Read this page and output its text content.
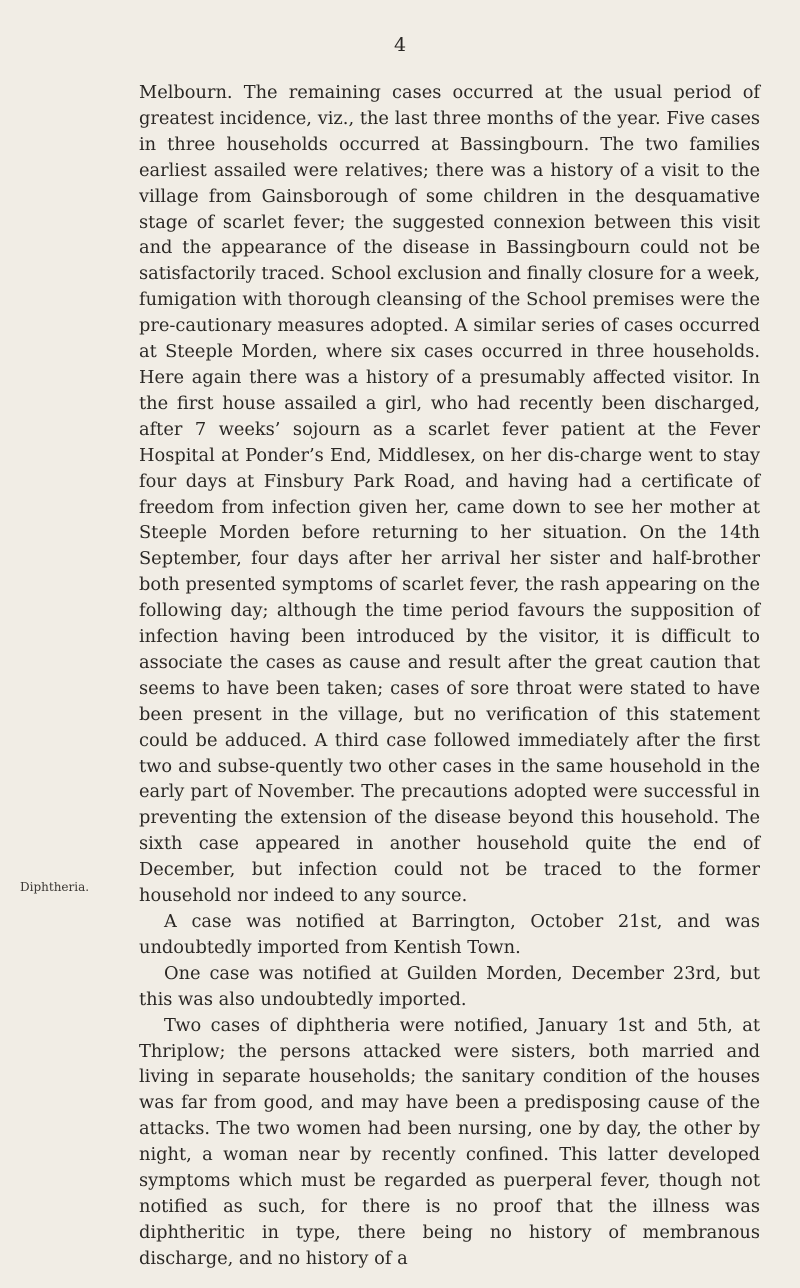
4
Diphtheria.

Melbourn. The remaining cases occurred at the usual period of greatest incidence, viz., the last three months of the year. Five cases in three households occurred at Bassingbourn. The two families earliest assailed were relatives; there was a history of a visit to the village from Gainsborough of some children in the desquamative stage of scarlet fever; the suggested connexion between this visit and the appearance of the disease in Bassingbourn could not be satisfactorily traced. School exclusion and finally closure for a week, fumigation with thorough cleansing of the School premises were the pre-cautionary measures adopted. A similar series of cases occurred at Steeple Morden, where six cases occurred in three households. Here again there was a history of a presumably affected visitor. In the first house assailed a girl, who had recently been discharged, after 7 weeks’ sojourn as a scarlet fever patient at the Fever Hospital at Ponder’s End, Middlesex, on her dis-charge went to stay four days at Finsbury Park Road, and having had a certificate of freedom from infection given her, came down to see her mother at Steeple Morden before returning to her situation. On the 14th September, four days after her arrival her sister and half-brother both presented symptoms of scarlet fever, the rash appearing on the following day; although the time period favours the supposition of infection having been introduced by the visitor, it is difficult to associate the cases as cause and result after the great caution that seems to have been taken; cases of sore throat were stated to have been present in the village, but no verification of this statement could be adduced. A third case followed immediately after the first two and subse-quently two other cases in the same household in the early part of November. The precautions adopted were successful in preventing the extension of the disease beyond this household. The sixth case appeared in another household quite the end of December, but infection could not be traced to the former household nor indeed to any source.

A case was notified at Barrington, October 21st, and was undoubtedly imported from Kentish Town.

One case was notified at Guilden Morden, December 23rd, but this was also undoubtedly imported.

Two cases of diphtheria were notified, January 1st and 5th, at Thriplow; the persons attacked were sisters, both married and living in separate households; the sanitary condition of the houses was far from good, and may have been a predisposing cause of the attacks. The two women had been nursing, one by day, the other by night, a woman near by recently confined. This latter developed symptoms which must be regarded as puerperal fever, though not notified as such, for there is no proof that the illness was diphtheritic in type, there being no history of membranous discharge, and no history of a
